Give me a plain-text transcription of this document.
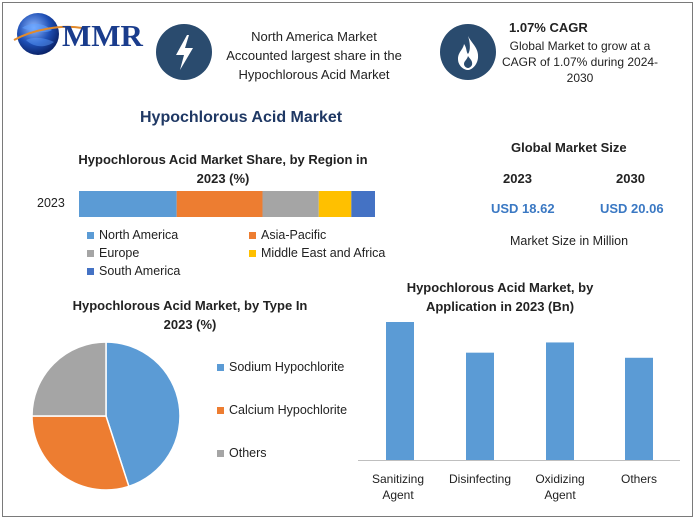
MMR	North America Market Accounted largest share in the Hypochlorous Acid Market
1.07% CAGR
Global Market to grow at a CAGR of 1.07% during 2024-2030
Hypochlorous Acid Market
Hypochlorous Acid Market Share, by Region in 2023 (%)
2023
North America	Asia-Pacific
Europe	Middle East and Africa
South America
Global Market Size
2023	2030
USD 18.62	USD 20.06
Market Size in Million
Hypochlorous Acid Market, by Type In 2023 (%)
Sodium Hypochlorite
Calcium Hypochlorite
Others
Hypochlorous Acid Market, by Application in 2023 (Bn)
Sanitizing Agent
Disinfecting	Oxidizing Agent
Others
